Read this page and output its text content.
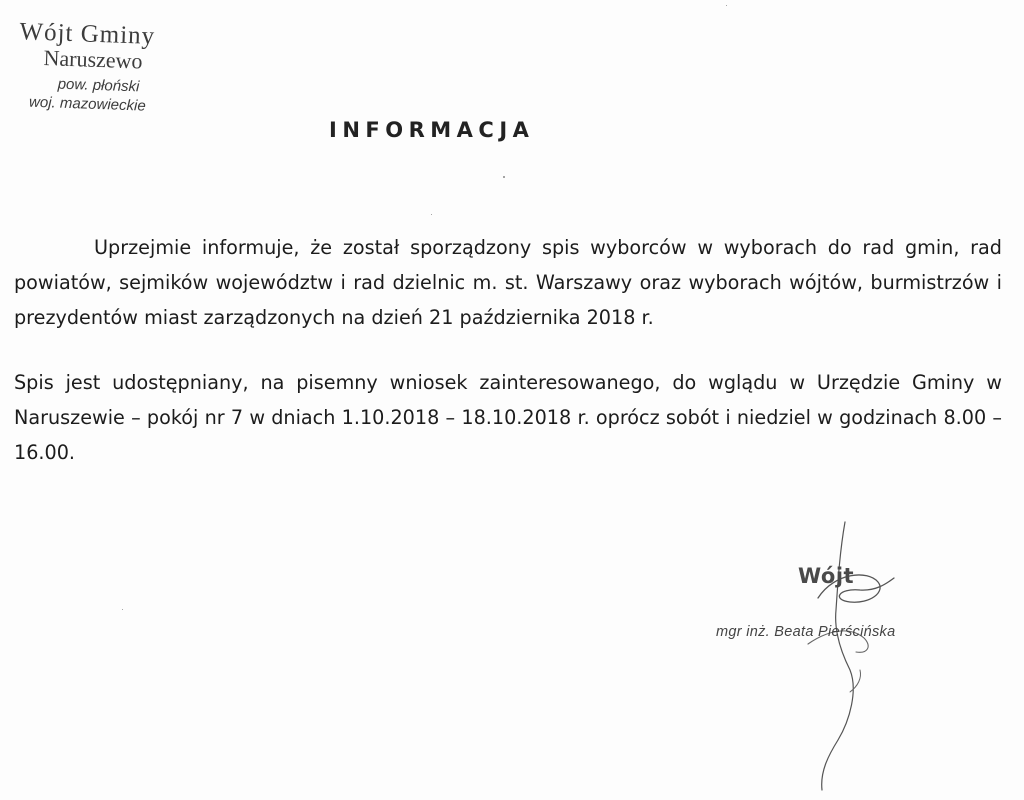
Wójt Gminy
Naruszewo
pow. płoński
woj. mazowieckie
INFORMACJA

Uprzejmie informuje, że został sporządzony spis wyborców w wyborach do rad gmin, rad powiatów, sejmików województw i rad dzielnic m. st. Warszawy oraz wyborach wójtów, burmistrzów i prezydentów miast zarządzonych na dzień 21 października 2018 r.

Spis jest udostępniany, na pisemny wniosek zainteresowanego, do wglądu w Urzędzie Gminy w Naruszewie – pokój nr 7 w dniach 1.10.2018 – 18.10.2018 r. oprócz sobót i niedziel w godzinach 8.00 – 16.00.

Wójt
mgr inż. Beata Pierścińska
